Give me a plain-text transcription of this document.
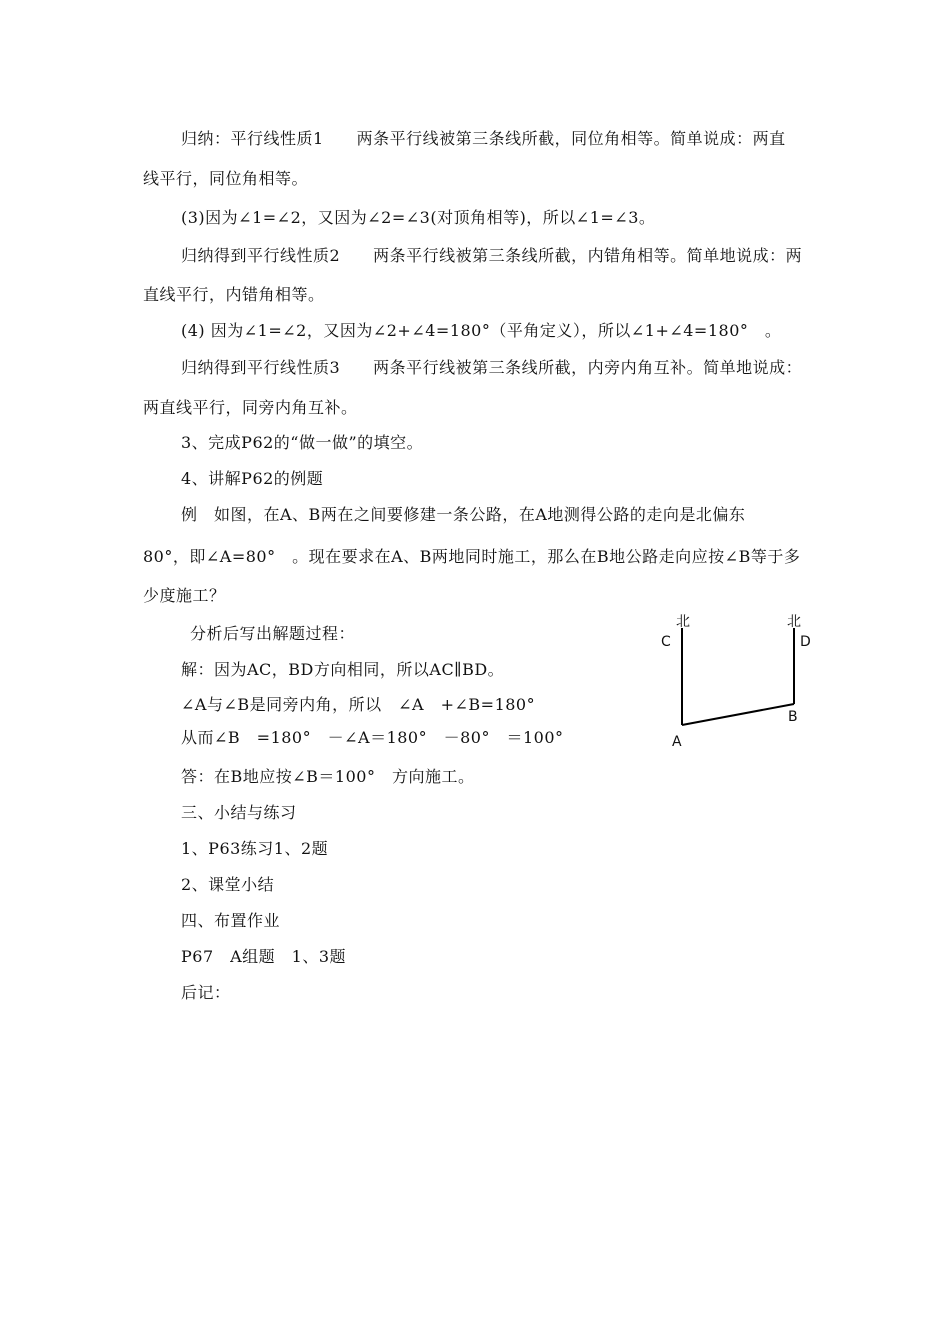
归纳：平行线性质1　　两条平行线被第三条线所截，同位角相等。简单说成：两直
线平行，同位角相等。
(3)因为∠1=∠2，又因为∠2=∠3(对顶角相等)，所以∠1=∠3。
归纳得到平行线性质2　　两条平行线被第三条线所截，内错角相等。简单地说成：两
直线平行，内错角相等。
(4) 因为∠1=∠2，又因为∠2+∠4=180°（平角定义），所以∠1+∠4=180°　。
归纳得到平行线性质3　　两条平行线被第三条线所截，内旁内角互补。简单地说成：
两直线平行，同旁内角互补。
3、完成P62的“做一做”的填空。
4、讲解P62的例题
例　如图，在A、B两在之间要修建一条公路，在A地测得公路的走向是北偏东
80°，即∠A=80°　。现在要求在A、B两地同时施工，那么在B地公路走向应按∠B等于多
少度施工？
分析后写出解题过程：
解：因为AC，BD方向相同，所以AC∥BD。
∠A与∠B是同旁内角，所以　∠A　+∠B=180°
从而∠B　=180°　－∠A＝180°　－80°　＝100°
答：在B地应按∠B＝100°　方向施工。
三、小结与练习
1、P63练习1、2题
2、课堂小结
四、布置作业
P67　A组题　1、3题
后记：
北	北
C	D
A
B
